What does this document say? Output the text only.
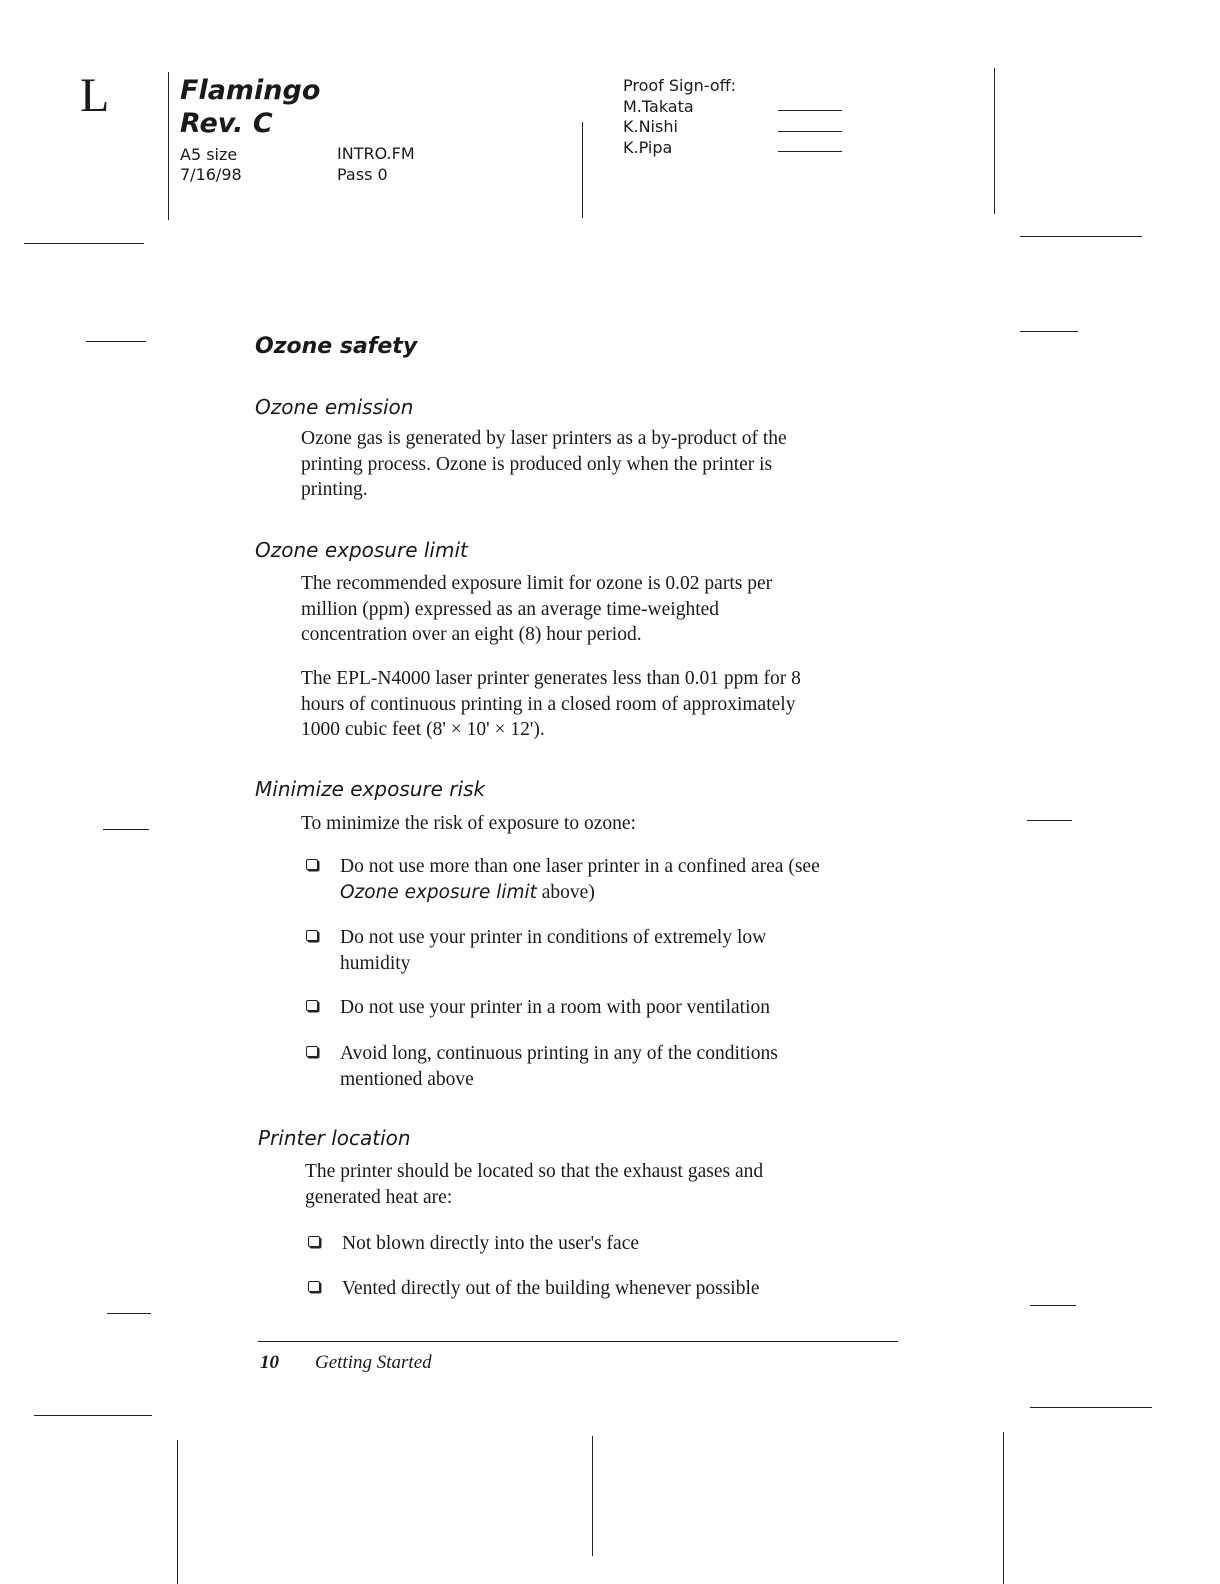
L	Flamingo
Rev. C
A5 size
7/16/98
INTRO.FM
Pass 0
Proof Sign-off:
M.Takata
K.Nishi
K.Pipa
Ozone safety
Ozone emission
Ozone gas is generated by laser printers as a by-product of the
printing process. Ozone is produced only when the printer is
printing.
Ozone exposure limit
The recommended exposure limit for ozone is 0.02 parts per
million (ppm) expressed as an average time-weighted
concentration over an eight (8) hour period.
The EPL-N4000 laser printer generates less than 0.01 ppm for 8
hours of continuous printing in a closed room of approximately
1000 cubic feet (8' × 10' × 12').
Minimize exposure risk
To minimize the risk of exposure to ozone:
Do not use more than one laser printer in a confined area (see
Ozone exposure limit above)
Do not use your printer in conditions of extremely low
humidity
Do not use your printer in a room with poor ventilation
Avoid long, continuous printing in any of the conditions
mentioned above
Printer location
The printer should be located so that the exhaust gases and
generated heat are:
Not blown directly into the user's face
Vented directly out of the building whenever possible
10 Getting Started
